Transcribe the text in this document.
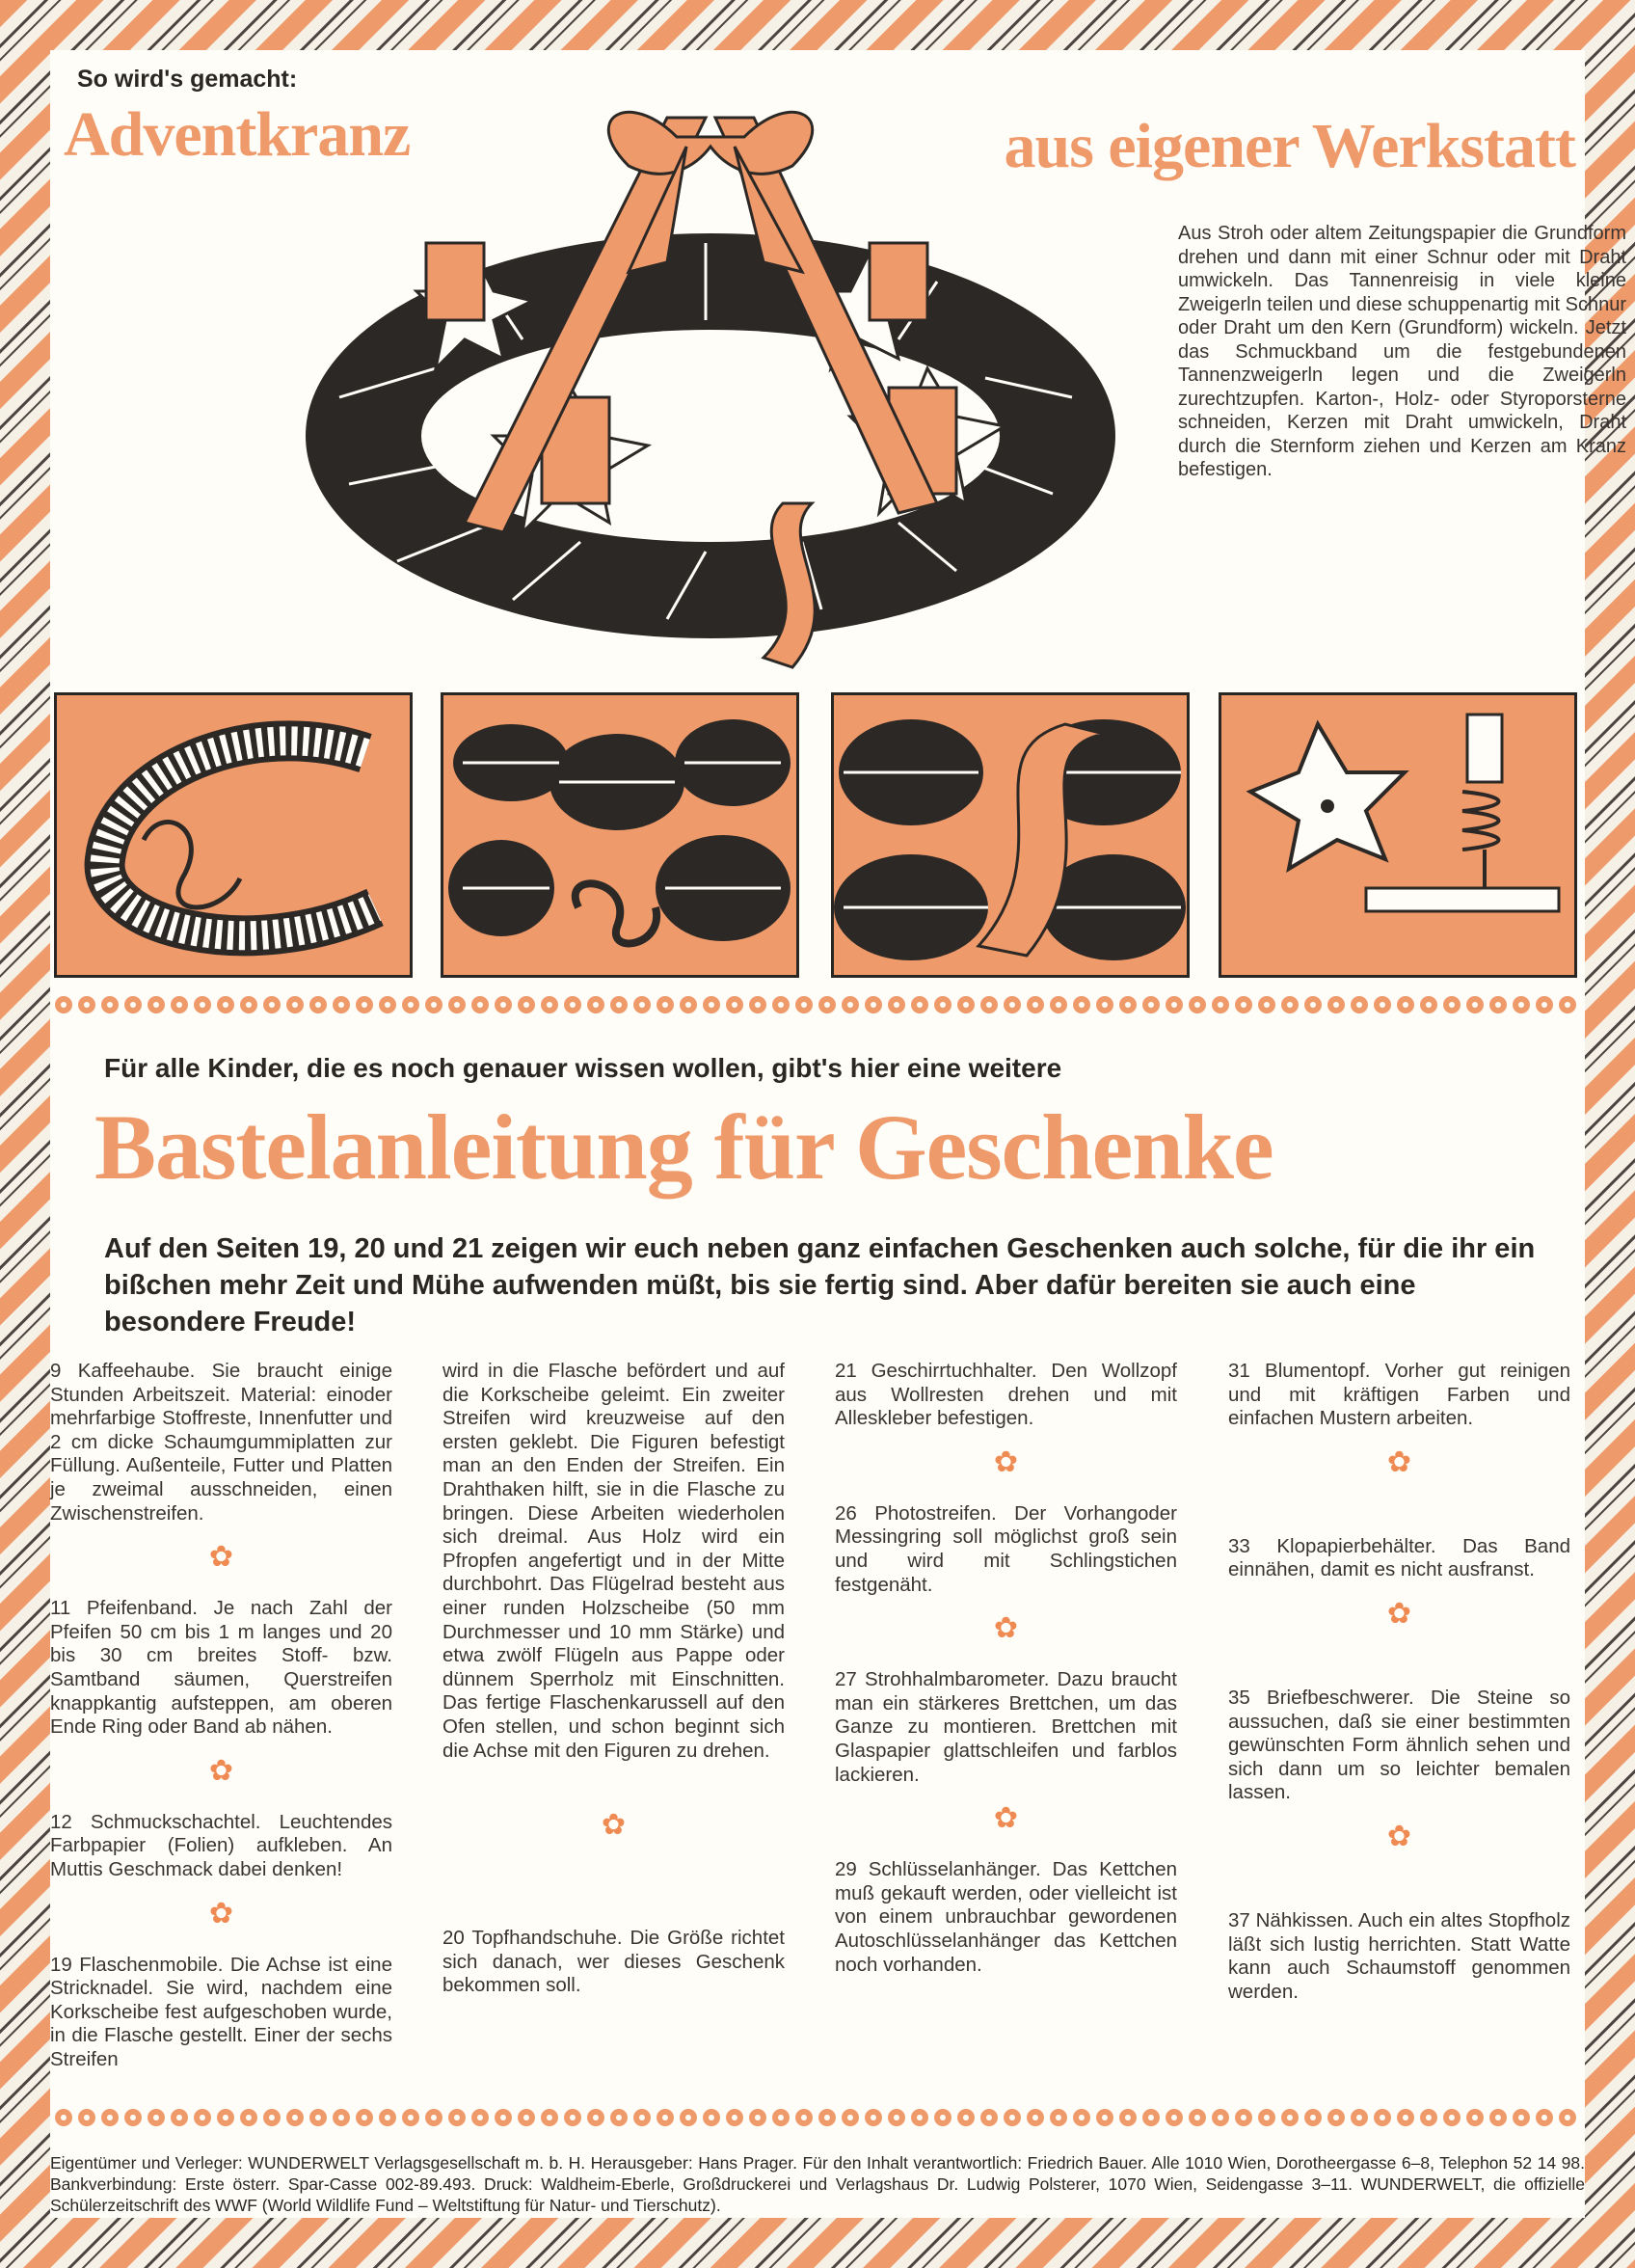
So wird's gemacht:
Adventkranz	aus eigener Werkstatt
Aus Stroh oder altem Zeitungspapier die Grundform drehen und dann mit einer Schnur oder mit Draht umwickeln. Das Tannenreisig in viele kleine Zweigerln teilen und diese schuppenartig mit Schnur oder Draht um den Kern (Grundform) wickeln. Jetzt das Schmuckband um die festgebundenen Tannenzweigerln legen und die Zweigerln zurechtzupfen. Karton-, Holz- oder Styroporsterne schneiden, Kerzen mit Draht umwickeln, Draht durch die Sternform ziehen und Kerzen am Kranz befestigen.
Für alle Kinder, die es noch genauer wissen wollen, gibt's hier eine weitere
Bastelanleitung für Geschenke
Auf den Seiten 19, 20 und 21 zeigen wir euch neben ganz einfachen Geschenken auch solche, für die ihr ein bißchen mehr Zeit und Mühe aufwenden müßt, bis sie fertig sind. Aber dafür bereiten sie auch eine besondere Freude!

9 Kaffeehaube. Sie braucht einige Stunden Arbeitszeit. Material: einoder mehrfarbige Stoffreste, Innenfutter und 2 cm dicke Schaumgummiplatten zur Füllung. Außenteile, Futter und Platten je zweimal ausschneiden, einen Zwischenstreifen.

✿

11 Pfeifenband. Je nach Zahl der Pfeifen 50 cm bis 1 m langes und 20 bis 30 cm breites Stoff- bzw. Samtband säumen, Querstreifen knappkantig aufsteppen, am oberen Ende Ring oder Band ab nähen.

✿

12 Schmuckschachtel. Leuchtendes Farbpapier (Folien) aufkleben. An Muttis Geschmack dabei denken!

✿

19 Flaschenmobile. Die Achse ist eine Stricknadel. Sie wird, nachdem eine Korkscheibe fest aufgeschoben wurde, in die Flasche gestellt. Einer der sechs Streifen

wird in die Flasche befördert und auf die Korkscheibe geleimt. Ein zweiter Streifen wird kreuzweise auf den ersten geklebt. Die Figuren befestigt man an den Enden der Streifen. Ein Drahthaken hilft, sie in die Flasche zu bringen. Diese Arbeiten wiederholen sich dreimal. Aus Holz wird ein Pfropfen angefertigt und in der Mitte durchbohrt. Das Flügelrad besteht aus einer runden Holzscheibe (50 mm Durchmesser und 10 mm Stärke) und etwa zwölf Flügeln aus Pappe oder dünnem Sperrholz mit Einschnitten. Das fertige Flaschenkarussell auf den Ofen stellen, und schon beginnt sich die Achse mit den Figuren zu drehen.

✿

20 Topfhandschuhe. Die Größe richtet sich danach, wer dieses Geschenk bekommen soll.

21 Geschirrtuchhalter. Den Wollzopf aus Wollresten drehen und mit Alleskleber befestigen.

✿

26 Photostreifen. Der Vorhangoder Messingring soll möglichst groß sein und wird mit Schlingstichen festgenäht.

✿

27 Strohhalmbarometer. Dazu braucht man ein stärkeres Brettchen, um das Ganze zu montieren. Brettchen mit Glaspapier glattschleifen und farblos lackieren.

✿

29 Schlüsselanhänger. Das Kettchen muß gekauft werden, oder vielleicht ist von einem unbrauchbar gewordenen Autoschlüsselanhänger das Kettchen noch vorhanden.

31 Blumentopf. Vorher gut reinigen und mit kräftigen Farben und einfachen Mustern arbeiten.

✿

33 Klopapierbehälter. Das Band einnähen, damit es nicht ausfranst.

✿

35 Briefbeschwerer. Die Steine so aussuchen, daß sie einer bestimmten gewünschten Form ähnlich sehen und sich dann um so leichter bemalen lassen.

✿

37 Nähkissen. Auch ein altes Stopfholz läßt sich lustig herrichten. Statt Watte kann auch Schaumstoff genommen werden.

Eigentümer und Verleger: WUNDERWELT Verlagsgesellschaft m. b. H. Herausgeber: Hans Prager. Für den Inhalt verantwortlich: Friedrich Bauer. Alle 1010 Wien, Dorotheergasse 6–8, Telephon 52 14 98. Bankverbindung: Erste österr. Spar-Casse 002-89.493. Druck: Waldheim-Eberle, Großdruckerei und Verlagshaus Dr. Ludwig Polsterer, 1070 Wien, Seidengasse 3–11. WUNDERWELT, die offizielle Schülerzeitschrift des WWF (World Wildlife Fund – Weltstiftung für Natur- und Tierschutz).
